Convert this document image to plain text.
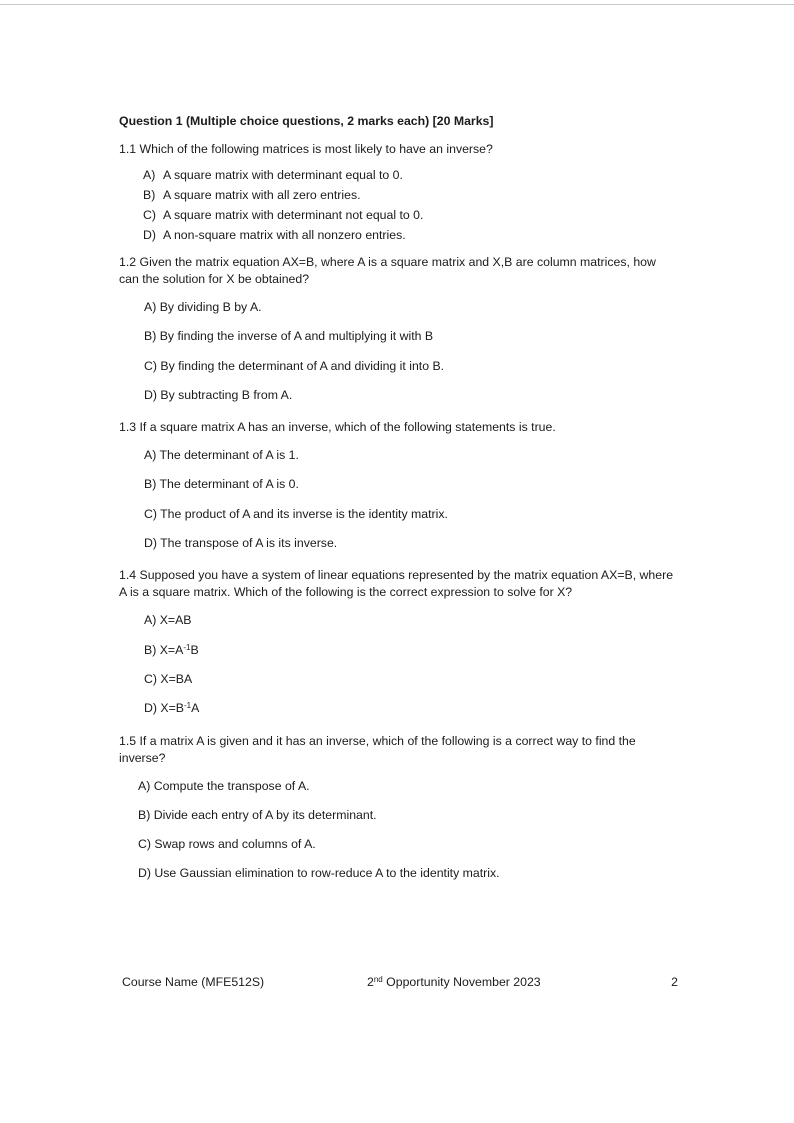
Question 1 (Multiple choice questions, 2 marks each) [20 Marks]

1.1 Which of the following matrices is most likely to have an inverse?

A) A square matrix with determinant equal to 0.
B) A square matrix with all zero entries.
C) A square matrix with determinant not equal to 0.
D) A non-square matrix with all nonzero entries.

1.2 Given the matrix equation AX=B, where A is a square matrix and X,B are column matrices, how can the solution for X be obtained?

A) By dividing B by A.
B) By finding the inverse of A and multiplying it with B
C) By finding the determinant of A and dividing it into B.
D) By subtracting B from A.

1.3 If a square matrix A has an inverse, which of the following statements is true.

A) The determinant of A is 1.
B) The determinant of A is 0.
C) The product of A and its inverse is the identity matrix.
D) The transpose of A is its inverse.

1.4 Supposed you have a system of linear equations represented by the matrix equation AX=B, where A is a square matrix. Which of the following is the correct expression to solve for X?

A) X=AB
B) $X=A^{-1}B$
C) X=BA
D) $X=B^{-1}A$

1.5 If a matrix A is given and it has an inverse, which of the following is a correct way to find the inverse?

A) Compute the transpose of A.
B) Divide each entry of A by its determinant.
C) Swap rows and columns of A.
D) Use Gaussian elimination to row-reduce A to the identity matrix.
Course Name (MFE512S)	2nd Opportunity November 2023	2
